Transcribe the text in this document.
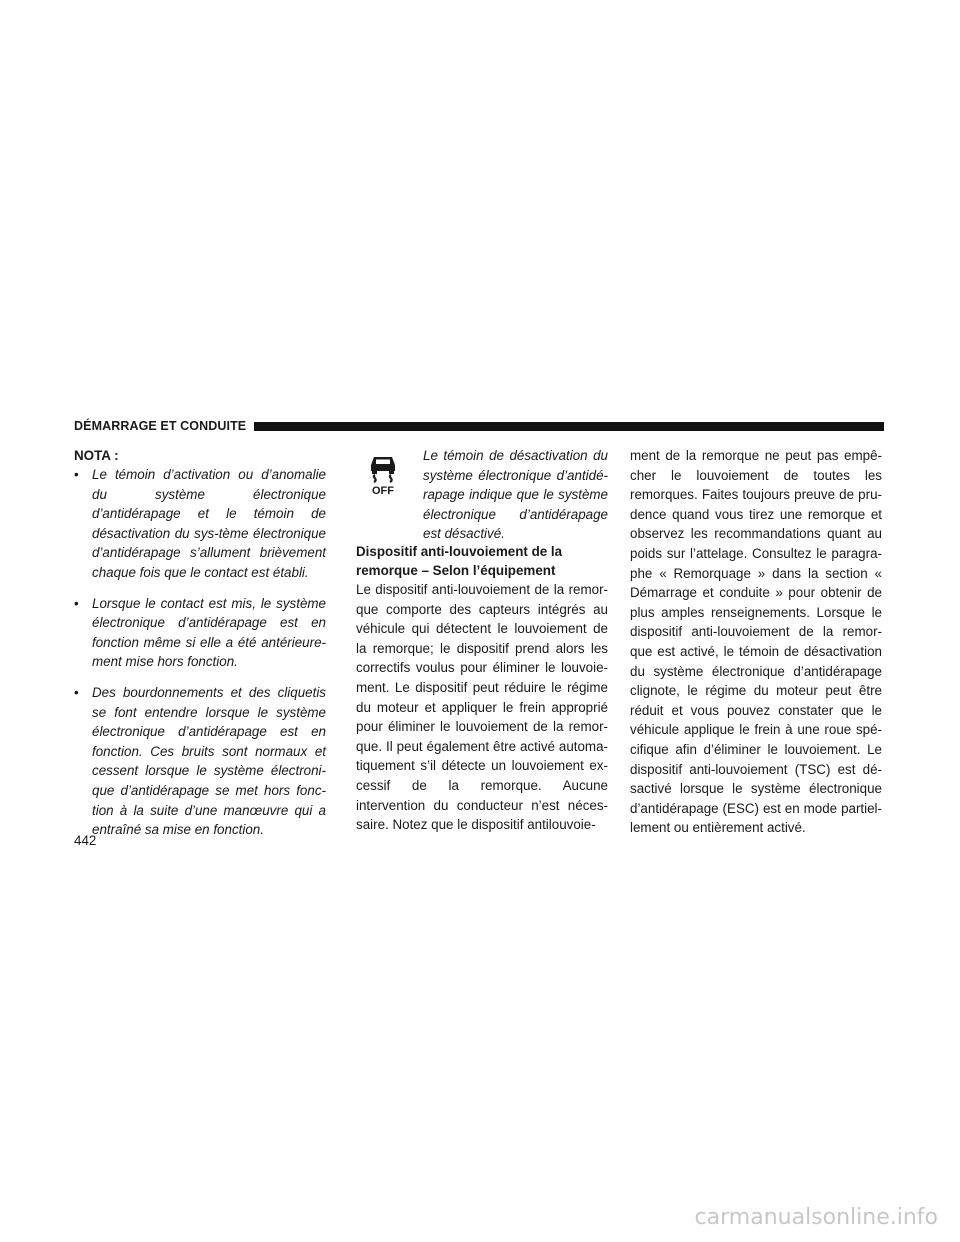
DÉMARRAGE ET CONDUITE
NOTA :
• Le témoin d’activation ou d’anomalie du système électronique d’antidérapage et le témoin de désactivation du sys-tème électronique d’antidérapage s’allument brièvement chaque fois que le contact est établi.
• Lorsque le contact est mis, le système électronique d’antidérapage est en fonction même si elle a été antérieure-ment mise hors fonction.
• Des bourdonnements et des cliquetis se font entendre lorsque le système électronique d’antidérapage est en fonction. Ces bruits sont normaux et cessent lorsque le système électroni-que d’antidérapage se met hors fonc-tion à la suite d’une manœuvre qui a entraîné sa mise en fonction.
OFF
Le témoin de désactivation du système électronique d’antidé-rapage indique que le système électronique d’antidérapage est désactivé.
Dispositif anti-louvoiement de la remorque – Selon l’équipement

Le dispositif anti-louvoiement de la remor-que comporte des capteurs intégrés au véhicule qui détectent le louvoiement de la remorque; le dispositif prend alors les correctifs voulus pour éliminer le louvoie-ment. Le dispositif peut réduire le régime du moteur et appliquer le frein approprié pour éliminer le louvoiement de la remor-que. Il peut également être activé automa-tiquement s’il détecte un louvoiement ex-cessif de la remorque. Aucune intervention du conducteur n’est néces-saire. Notez que le dispositif antilouvoie-

ment de la remorque ne peut pas empê-cher le louvoiement de toutes les remorques. Faites toujours preuve de pru-dence quand vous tirez une remorque et observez les recommandations quant au poids sur l’attelage. Consultez le paragra-phe « Remorquage » dans la section « Démarrage et conduite » pour obtenir de plus amples renseignements. Lorsque le dispositif anti-louvoiement de la remor-que est activé, le témoin de désactivation du système électronique d’antidérapage clignote, le régime du moteur peut être réduit et vous pouvez constater que le véhicule applique le frein à une roue spé-cifique afin d’éliminer le louvoiement. Le dispositif anti-louvoiement (TSC) est dé-sactivé lorsque le système électronique d’antidérapage (ESC) est en mode partiel-lement ou entièrement activé.

442
carmanualsonline.info
